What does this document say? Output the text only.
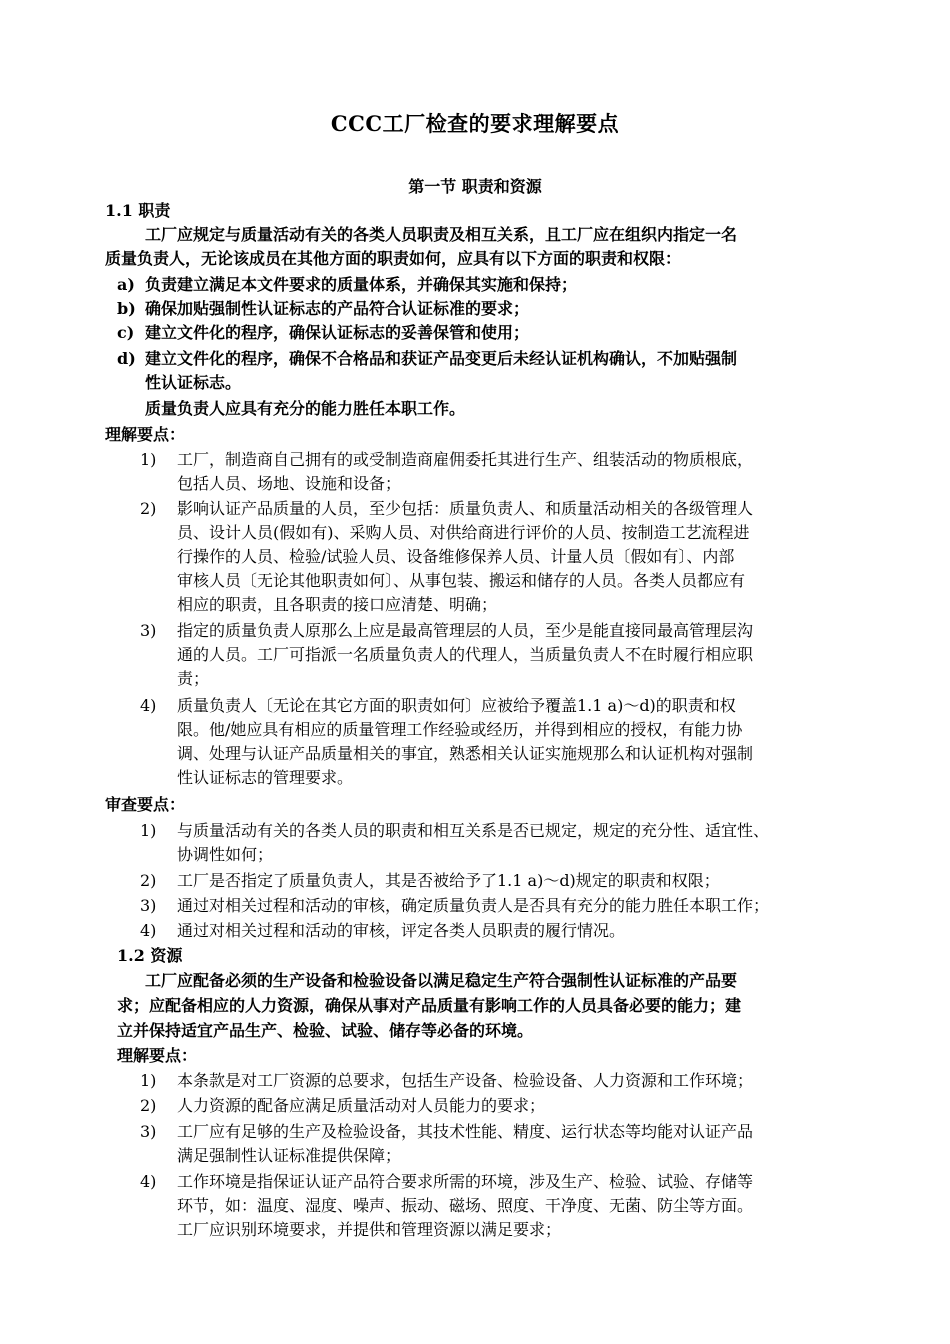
CCC工厂检查的要求理解要点
第一节 职责和资源
1.1 职责
工厂应规定与质量活动有关的各类人员职责及相互关系，且工厂应在组织内指定一名
质量负责人，无论该成员在其他方面的职责如何，应具有以下方面的职责和权限：
a) 负责建立满足本文件要求的质量体系，并确保其实施和保持；
b) 确保加贴强制性认证标志的产品符合认证标准的要求；
c) 建立文件化的程序，确保认证标志的妥善保管和使用；
d) 建立文件化的程序，确保不合格品和获证产品变更后未经认证机构确认，不加贴强制
性认证标志。
质量负责人应具有充分的能力胜任本职工作。
理解要点：
1) 工厂，制造商自己拥有的或受制造商雇佣委托其进行生产、组装活动的物质根底，
包括人员、场地、设施和设备；
2) 影响认证产品质量的人员，至少包括：质量负责人、和质量活动相关的各级管理人
员、设计人员(假如有)、采购人员、对供给商进行评价的人员、按制造工艺流程进
行操作的人员、检验/试验人员、设备维修保养人员、计量人员〔假如有〕、内部
审核人员〔无论其他职责如何〕、从事包装、搬运和储存的人员。各类人员都应有
相应的职责，且各职责的接口应清楚、明确；
3) 指定的质量负责人原那么上应是最高管理层的人员，至少是能直接同最高管理层沟
通的人员。工厂可指派一名质量负责人的代理人，当质量负责人不在时履行相应职
责；
4) 质量负责人〔无论在其它方面的职责如何〕应被给予覆盖1.1 a)～d)的职责和权
限。他/她应具有相应的质量管理工作经验或经历，并得到相应的授权，有能力协
调、处理与认证产品质量相关的事宜，熟悉相关认证实施规那么和认证机构对强制
性认证标志的管理要求。
审查要点：
1) 与质量活动有关的各类人员的职责和相互关系是否已规定，规定的充分性、适宜性、
协调性如何；
2) 工厂是否指定了质量负责人，其是否被给予了1.1 a)～d)规定的职责和权限；
3) 通过对相关过程和活动的审核，确定质量负责人是否具有充分的能力胜任本职工作；
4) 通过对相关过程和活动的审核，评定各类人员职责的履行情况。
1.2 资源
工厂应配备必须的生产设备和检验设备以满足稳定生产符合强制性认证标准的产品要
求；应配备相应的人力资源，确保从事对产品质量有影响工作的人员具备必要的能力；建
立并保持适宜产品生产、检验、试验、储存等必备的环境。
理解要点：
1) 本条款是对工厂资源的总要求，包括生产设备、检验设备、人力资源和工作环境；
2) 人力资源的配备应满足质量活动对人员能力的要求；
3) 工厂应有足够的生产及检验设备，其技术性能、精度、运行状态等均能对认证产品
满足强制性认证标准提供保障；
4) 工作环境是指保证认证产品符合要求所需的环境，涉及生产、检验、试验、存储等
环节，如：温度、湿度、噪声、振动、磁场、照度、干净度、无菌、防尘等方面。
工厂应识别环境要求，并提供和管理资源以满足要求；
